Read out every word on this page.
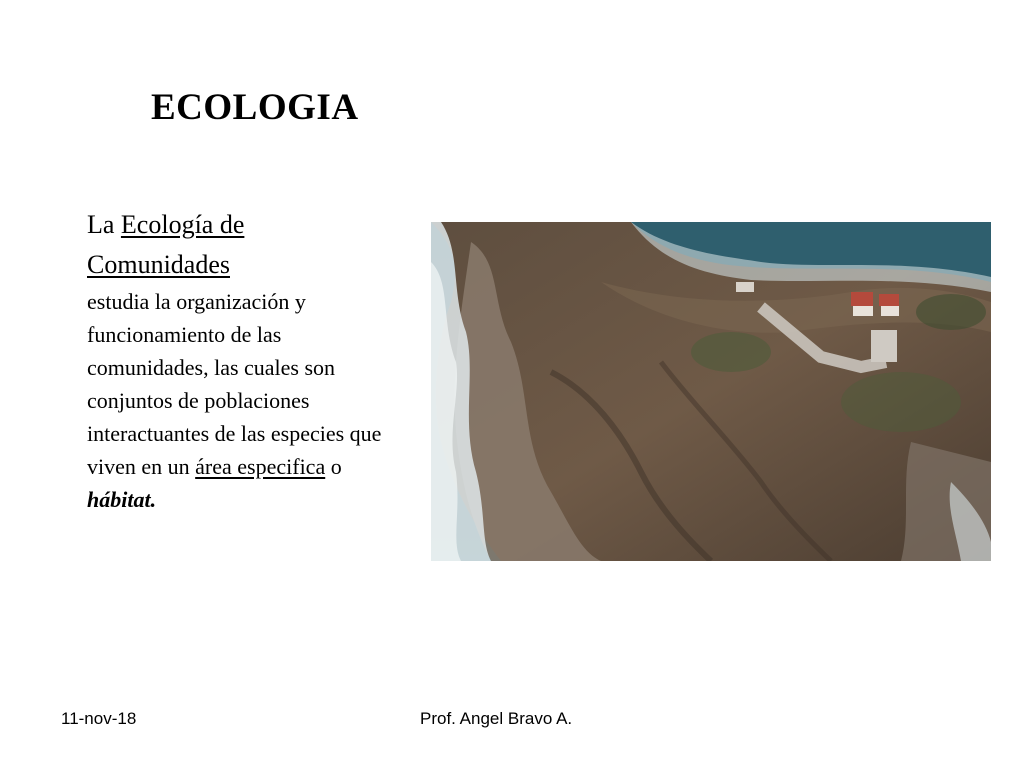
ECOLOGIA
La Ecología de
Comunidades
estudia la organización y funcionamiento de las comunidades, las cuales son conjuntos de poblaciones interactuantes de las especies que viven en un área especifica o hábitat.
11-nov-18	Prof. Angel Bravo A.
